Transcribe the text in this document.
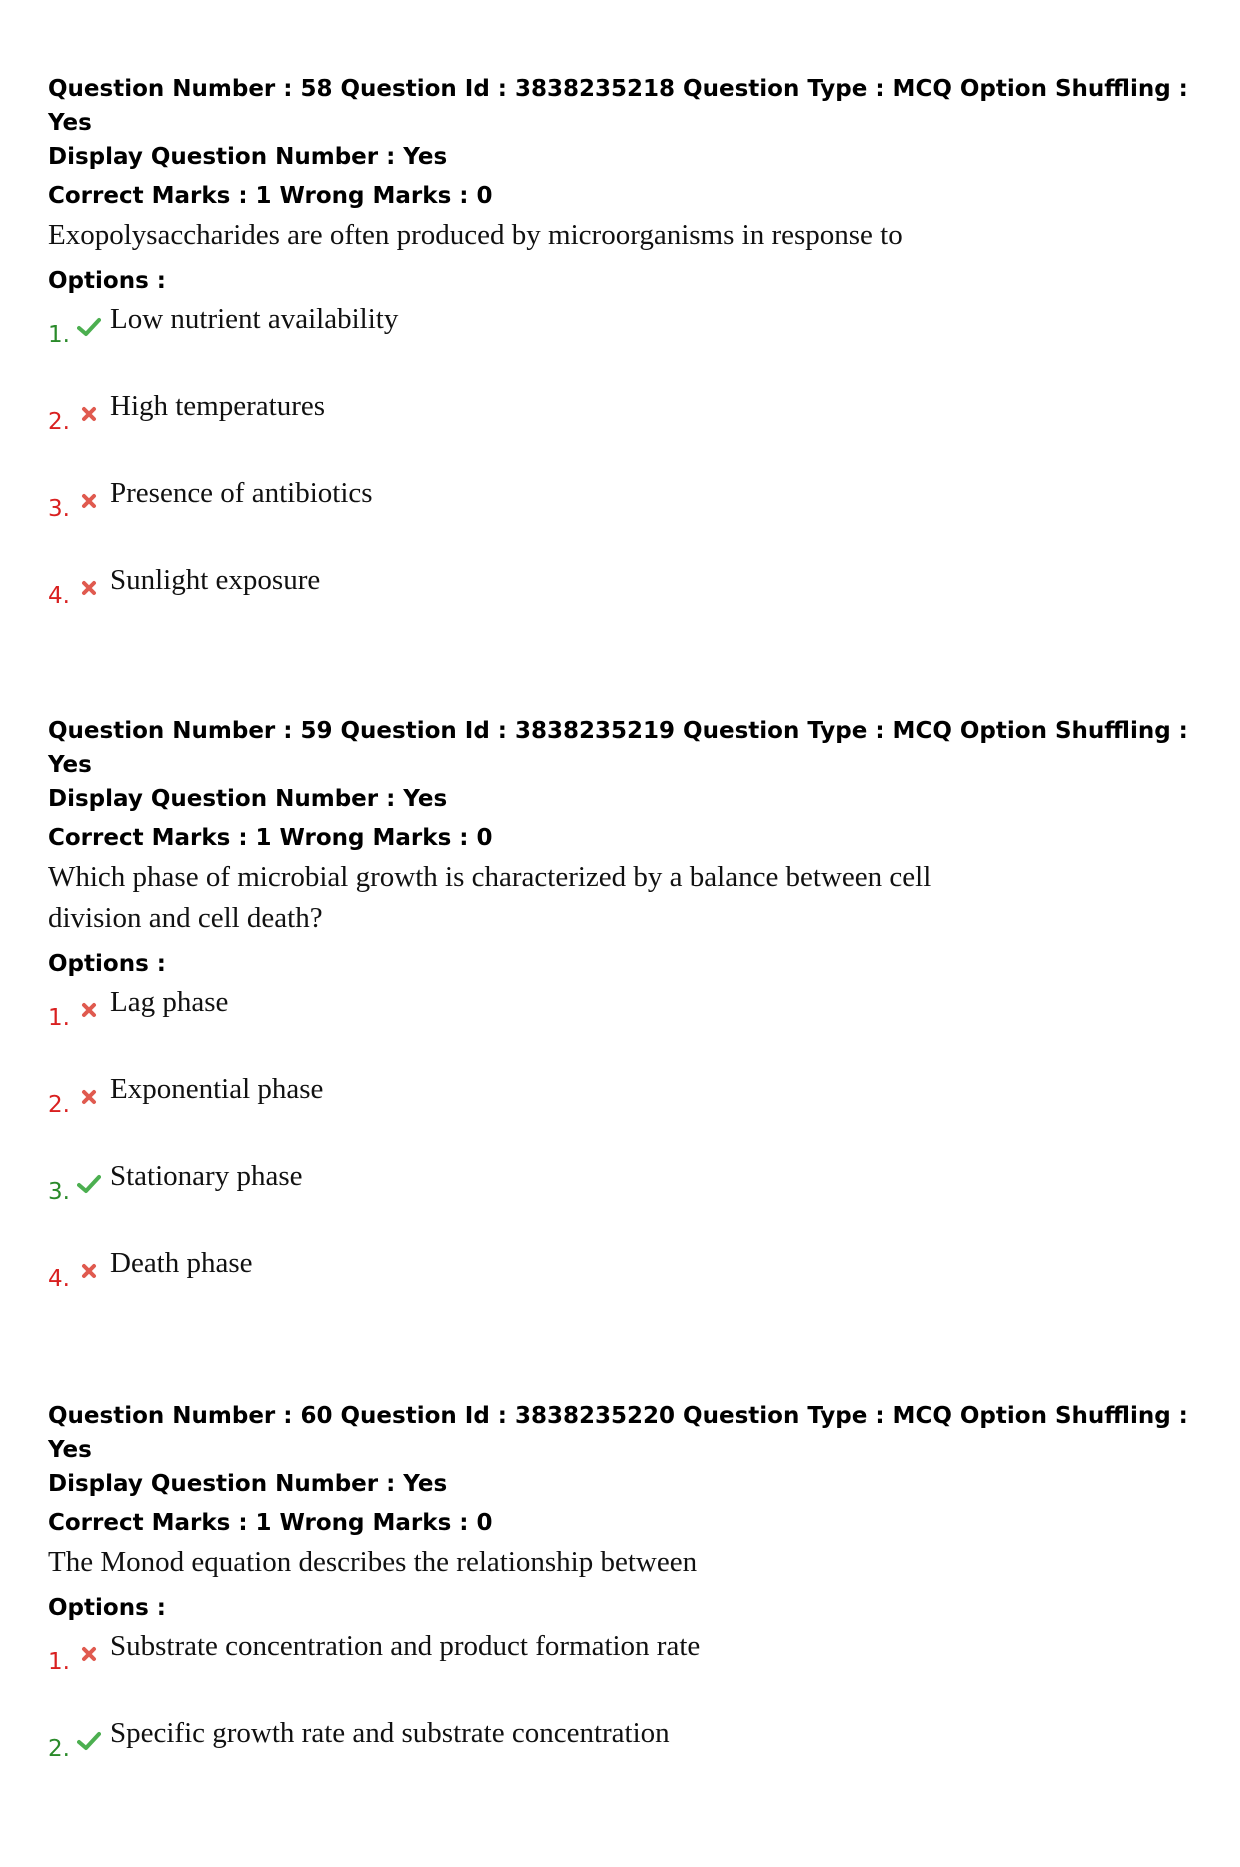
Question Number : 58 Question Id : 3838235218 Question Type : MCQ Option Shuffling : Yes
Display Question Number : Yes
Correct Marks : 1 Wrong Marks : 0
Exopolysaccharides are often produced by microorganisms in response to
Options :
1. Low nutrient availability
2. High temperatures
3. Presence of antibiotics
4. Sunlight exposure
Question Number : 59 Question Id : 3838235219 Question Type : MCQ Option Shuffling : Yes
Display Question Number : Yes
Correct Marks : 1 Wrong Marks : 0
Which phase of microbial growth is characterized by a balance between cell division and cell death?
Options :
1. Lag phase
2. Exponential phase
3. Stationary phase
4. Death phase
Question Number : 60 Question Id : 3838235220 Question Type : MCQ Option Shuffling : Yes
Display Question Number : Yes
Correct Marks : 1 Wrong Marks : 0
The Monod equation describes the relationship between
Options :
1. Substrate concentration and product formation rate
2. Specific growth rate and substrate concentration
